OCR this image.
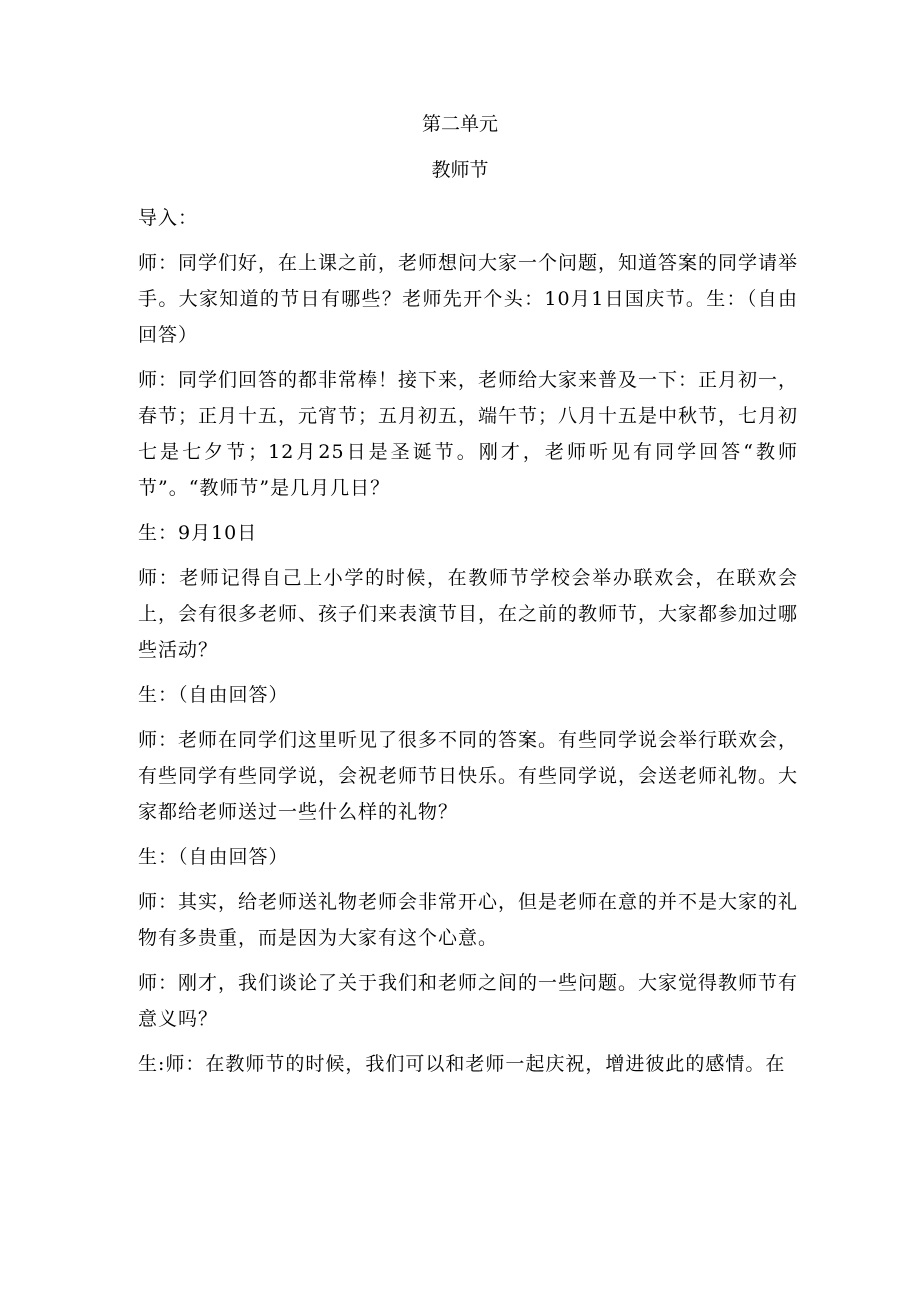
第二单元
教师节

导入：

师：同学们好，在上课之前，老师想问大家一个问题，知道答案的同学请举手。大家知道的节日有哪些？老师先开个头：10月1日国庆节。生：（自由回答）

师：同学们回答的都非常棒！接下来，老师给大家来普及一下：正月初一，春节；正月十五，元宵节；五月初五，端午节；八月十五是中秋节，七月初七是七夕节；12月25日是圣诞节。刚才，老师听见有同学回答“教师节”。“教师节”是几月几日？

生：9月10日

师：老师记得自己上小学的时候，在教师节学校会举办联欢会，在联欢会上，会有很多老师、孩子们来表演节目，在之前的教师节，大家都参加过哪些活动？

生：（自由回答）

师：老师在同学们这里听见了很多不同的答案。有些同学说会举行联欢会，有些同学有些同学说，会祝老师节日快乐。有些同学说，会送老师礼物。大家都给老师送过一些什么样的礼物？

生：（自由回答）

师：其实，给老师送礼物老师会非常开心，但是老师在意的并不是大家的礼物有多贵重，而是因为大家有这个心意。

师：刚才，我们谈论了关于我们和老师之间的一些问题。大家觉得教师节有意义吗？

生:师：在教师节的时候，我们可以和老师一起庆祝，增进彼此的感情。在
